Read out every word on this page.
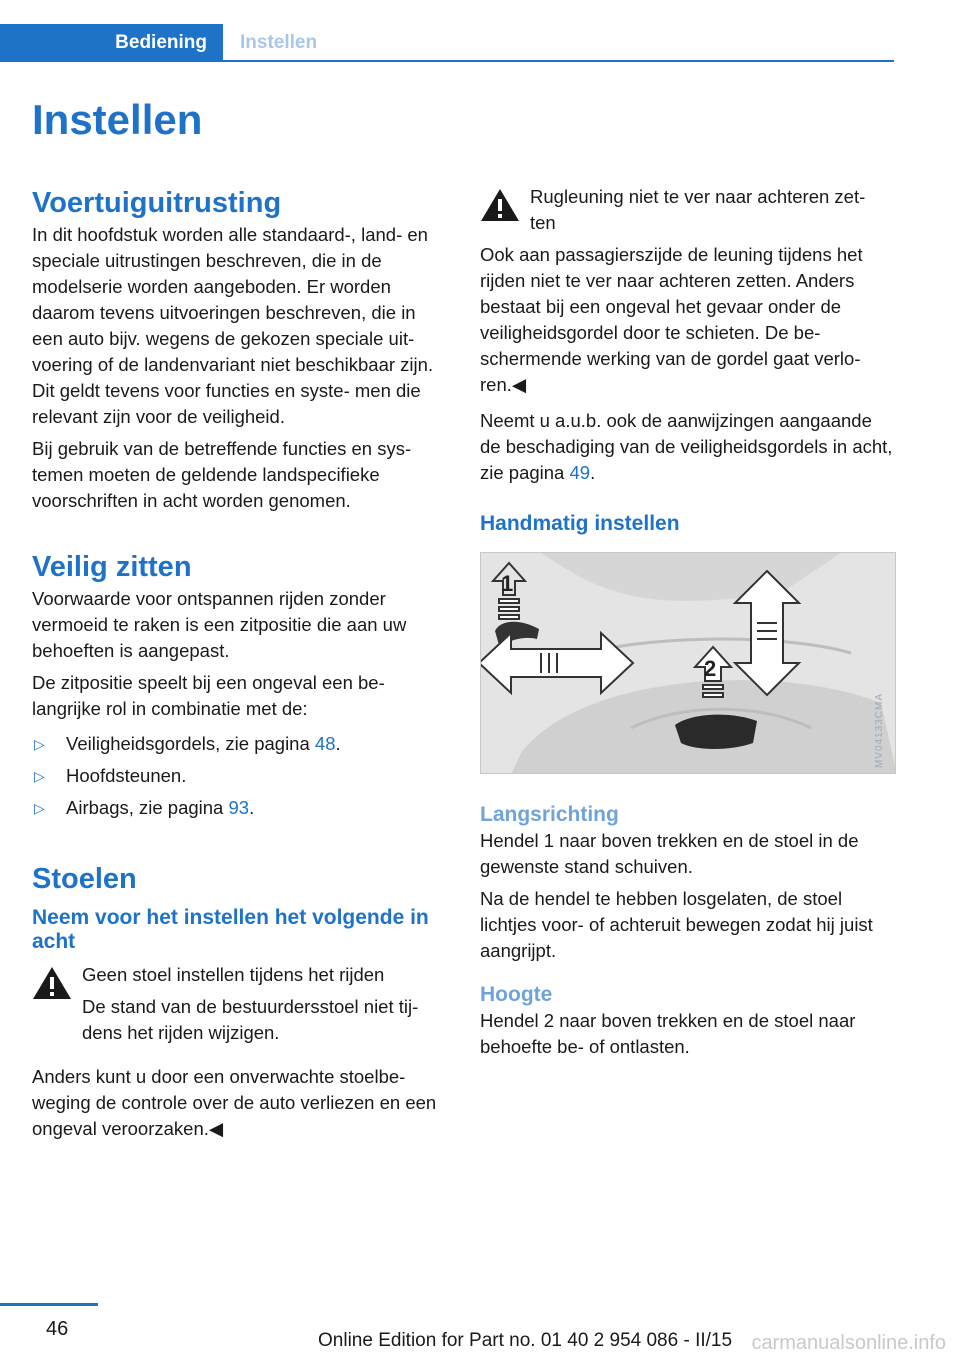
Bediening Instellen
Instellen
Voertuiguitrusting

In dit hoofdstuk worden alle standaard-, land- en speciale uitrustingen beschreven, die in de modelserie worden aangeboden. Er worden daarom tevens uitvoeringen beschreven, die in een auto bijv. wegens de gekozen speciale uit- voering of de landenvariant niet beschikbaar zijn. Dit geldt tevens voor functies en syste- men die relevant zijn voor de veiligheid.

Bij gebruik van de betreffende functies en sys- temen moeten de geldende landspecifieke voorschriften in acht worden genomen.

Veilig zitten

Voorwaarde voor ontspannen rijden zonder vermoeid te raken is een zitpositie die aan uw behoeften is aangepast.

De zitpositie speelt bij een ongeval een be- langrijke rol in combinatie met de:

▷ Veiligheidsgordels, zie pagina 48.
▷ Hoofdsteunen.
▷ Airbags, zie pagina 93.
Stoelen
Neem voor het instellen het volgende in acht

Geen stoel instellen tijdens het rijden

De stand van de bestuurdersstoel niet tij- dens het rijden wijzigen.

Anders kunt u door een onverwachte stoelbe- weging de controle over de auto verliezen en een ongeval veroorzaken.◀

Rugleuning niet te ver naar achteren zet- ten

Ook aan passagierszijde de leuning tijdens het rijden niet te ver naar achteren zetten. Anders bestaat bij een ongeval het gevaar onder de veiligheidsgordel door te schieten. De be- schermende werking van de gordel gaat verlo- ren.◀

Neemt u a.u.b. ook de aanwijzingen aangaande de beschadiging van de veiligheidsgordels in acht, zie pagina 49.

Handmatig instellen
1
2
MV04133CMA
Langsrichting

Hendel 1 naar boven trekken en de stoel in de gewenste stand schuiven.

Na de hendel te hebben losgelaten, de stoel lichtjes voor- of achteruit bewegen zodat hij juist aangrijpt.

Hoogte

Hendel 2 naar boven trekken en de stoel naar behoefte be- of ontlasten.

46
Online Edition for Part no. 01 40 2 954 086 - II/15 carmanualsonline.info
